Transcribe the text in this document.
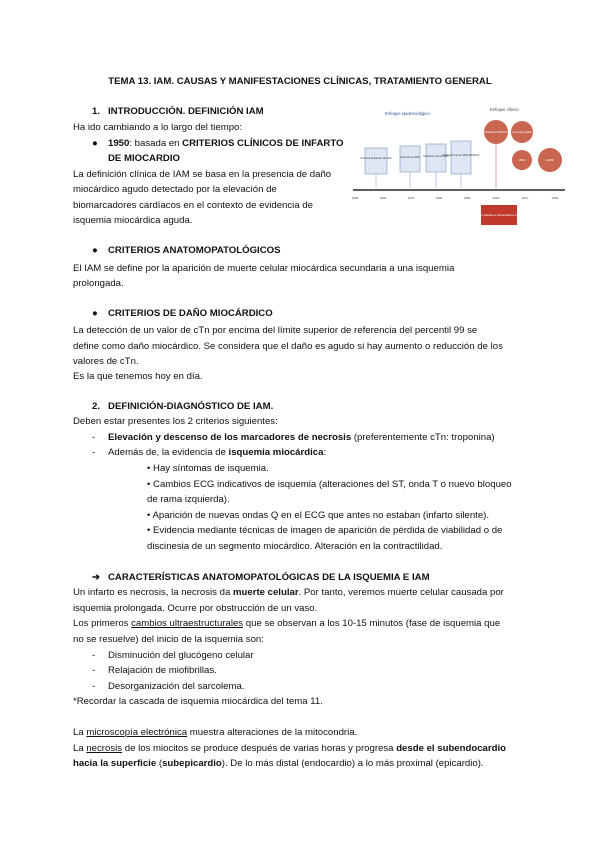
TEMA 13. IAM. CAUSAS Y MANIFESTACIONES CLÍNICAS, TRATAMIENTO GENERAL
1. INTRODUCCIÓN. DEFINICIÓN IAM
Ha ido cambiando a lo largo del tiempo:
● 1950: basada en CRITERIOS CLÍNICOS DE INFARTO
DE MIOCARDIO
La definición clínica de IAM se basa en la presencia de daño
miocárdico agudo detectado por la elevación de
biomarcadores cardíacos en el contexto de evidencia de
isquemia miocárdica aguda.
● CRITERIOS ANATOMOPATOLÓGICOS
El IAM se define por la aparición de muerte celular miocárdica secundaria a una isquemia
prolongada.
● CRITERIOS DE DAÑO MIOCÁRDICO
La detección de un valor de cTn por encima del límite superior de referencia del percentil 99 se
define como daño miocárdico. Se considera que el daño es agudo si hay aumento o reducción de los
valores de cTn.
Es la que tenemos hoy en día.
2. DEFINICIÓN-DIAGNÓSTICO DE IAM.
Deben estar presentes los 2 criterios siguientes:
- Elevación y descenso de los marcadores de necrosis (preferentemente cTn: troponina)
- Además de, la evidencia de isquemia miocárdica:
• Hay síntomas de isquemia.
• Cambios ECG indicativos de isquemia (alteraciones del ST, onda T o nuevo bloqueo
de rama izquierda).
• Aparición de nuevas ondas Q en el ECG que antes no estaban (infarto silente).
• Evidencia mediante técnicas de imagen de aparición de pérdida de viabilidad o de
discinesia de un segmento miocárdico. Alteración en la contractilidad.
➔ CARACTERÍSTICAS ANATOMOPATOLÓGICAS DE LA ISQUEMIA E IAM
Un infarto es necrosis, la necrosis da muerte celular. Por tanto, veremos muerte celular causada por
isquemia prolongada. Ocurre por obstrucción de un vaso.
Los primeros cambios ultraestructurales que se observan a los 10-15 minutos (fase de isquemia que
no se resuelve) del inicio de la isquemia son:
- Disminución del glucógeno celular
- Relajación de miofibrillas.
- Desorganización del sarcolema.
*Recordar la cascada de isquemia miocárdica del tema 11.
La microscopía electrónica muestra alteraciones de la mitocondria.
La necrosis de los miocitos se produce después de varias horas y progresa desde el subendocardio
hacia la superficie (subepicardio). De lo más distal (endocardio) a lo más proximal (epicardio).
Enfoque epidemiológico
Enfoque clínico
Primera definición de IAM	Guía de la OMS Definición de la OMS
Definición de la OMS-MONICA
Definición de ESC/ACC Consenso global
UDMI	4UDMI
1950	1960	1970	1980	1990	2000	2010	2020
Definición basada en biomarcadores cardíacos
